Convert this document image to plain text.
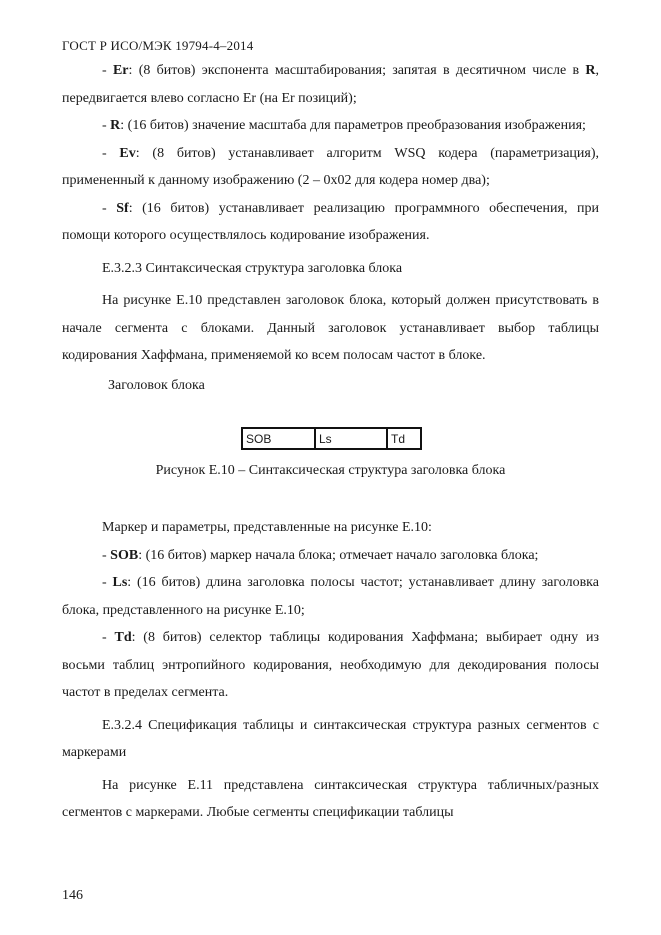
ГОСТ Р ИСО/МЭК 19794-4–2014

- Er: (8 битов) экспонента масштабирования; запятая в десятичном числе в R, передвигается влево согласно Er (на Er позиций);

- R: (16 битов) значение масштаба для параметров преобразования изображения;

- Ev: (8 битов) устанавливает алгоритм WSQ кодера (параметризация), примененный к данному изображению (2 – 0x02 для кодера номер два);

- Sf: (16 битов) устанавливает реализацию программного обеспечения, при помощи которого осуществлялось кодирование изображения.

Е.3.2.3 Синтаксическая структура заголовка блока

На рисунке Е.10 представлен заголовок блока, который должен присутствовать в начале сегмента с блоками. Данный заголовок устанавливает выбор таблицы кодирования Хаффмана, применяемой ко всем полосам частот в блоке.

Заголовок блока

SOB	Ls	Td
Рисунок Е.10 – Синтаксическая структура заголовка блока

Маркер и параметры, представленные на рисунке Е.10:

- SOB: (16 битов) маркер начала блока; отмечает начало заголовка блока;

- Ls: (16 битов) длина заголовка полосы частот; устанавливает длину заголовка блока, представленного на рисунке Е.10;

- Td: (8 битов) селектор таблицы кодирования Хаффмана; выбирает одну из восьми таблиц энтропийного кодирования, необходимую для декодирования полосы частот в пределах сегмента.

Е.3.2.4 Спецификация таблицы и синтаксическая структура разных сегментов с маркерами

На рисунке Е.11 представлена синтаксическая структура табличных/разных сегментов с маркерами. Любые сегменты спецификации таблицы

146
